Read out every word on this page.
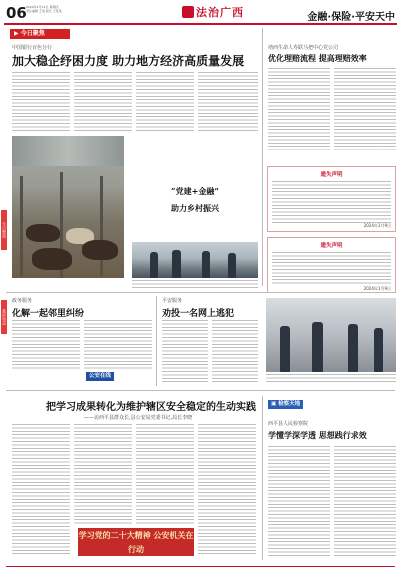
06 2024年1月11日 星期四
责任编辑 王某 版式 王某某	法治广西	金融·保险·平安天中
今日聚焦
▶ 今日聚焦
中国银行百色分行
加大稳企纾困力度 助力地方经济高质量发展
靖西生命人寿联马把中心党公司
优化理赔流程 提高理赔效率
遗失声明
2024年1月9日
遗失声明
2024年1月9日
“党建+金融”
助力乡村振兴
政务服务
化解一起邻里纠纷
公安在线
基层动态
平安服务
劝投一名网上逃犯
把学习成果转化为维护辖区安全稳定的生动实践
——访西平县群众长,县公安局党委书记,局长李晓
学习党的二十大精神 公安机关在行动
▣ 检察天地
西平县人民检察院
学懂学深学透 思想践行求效
